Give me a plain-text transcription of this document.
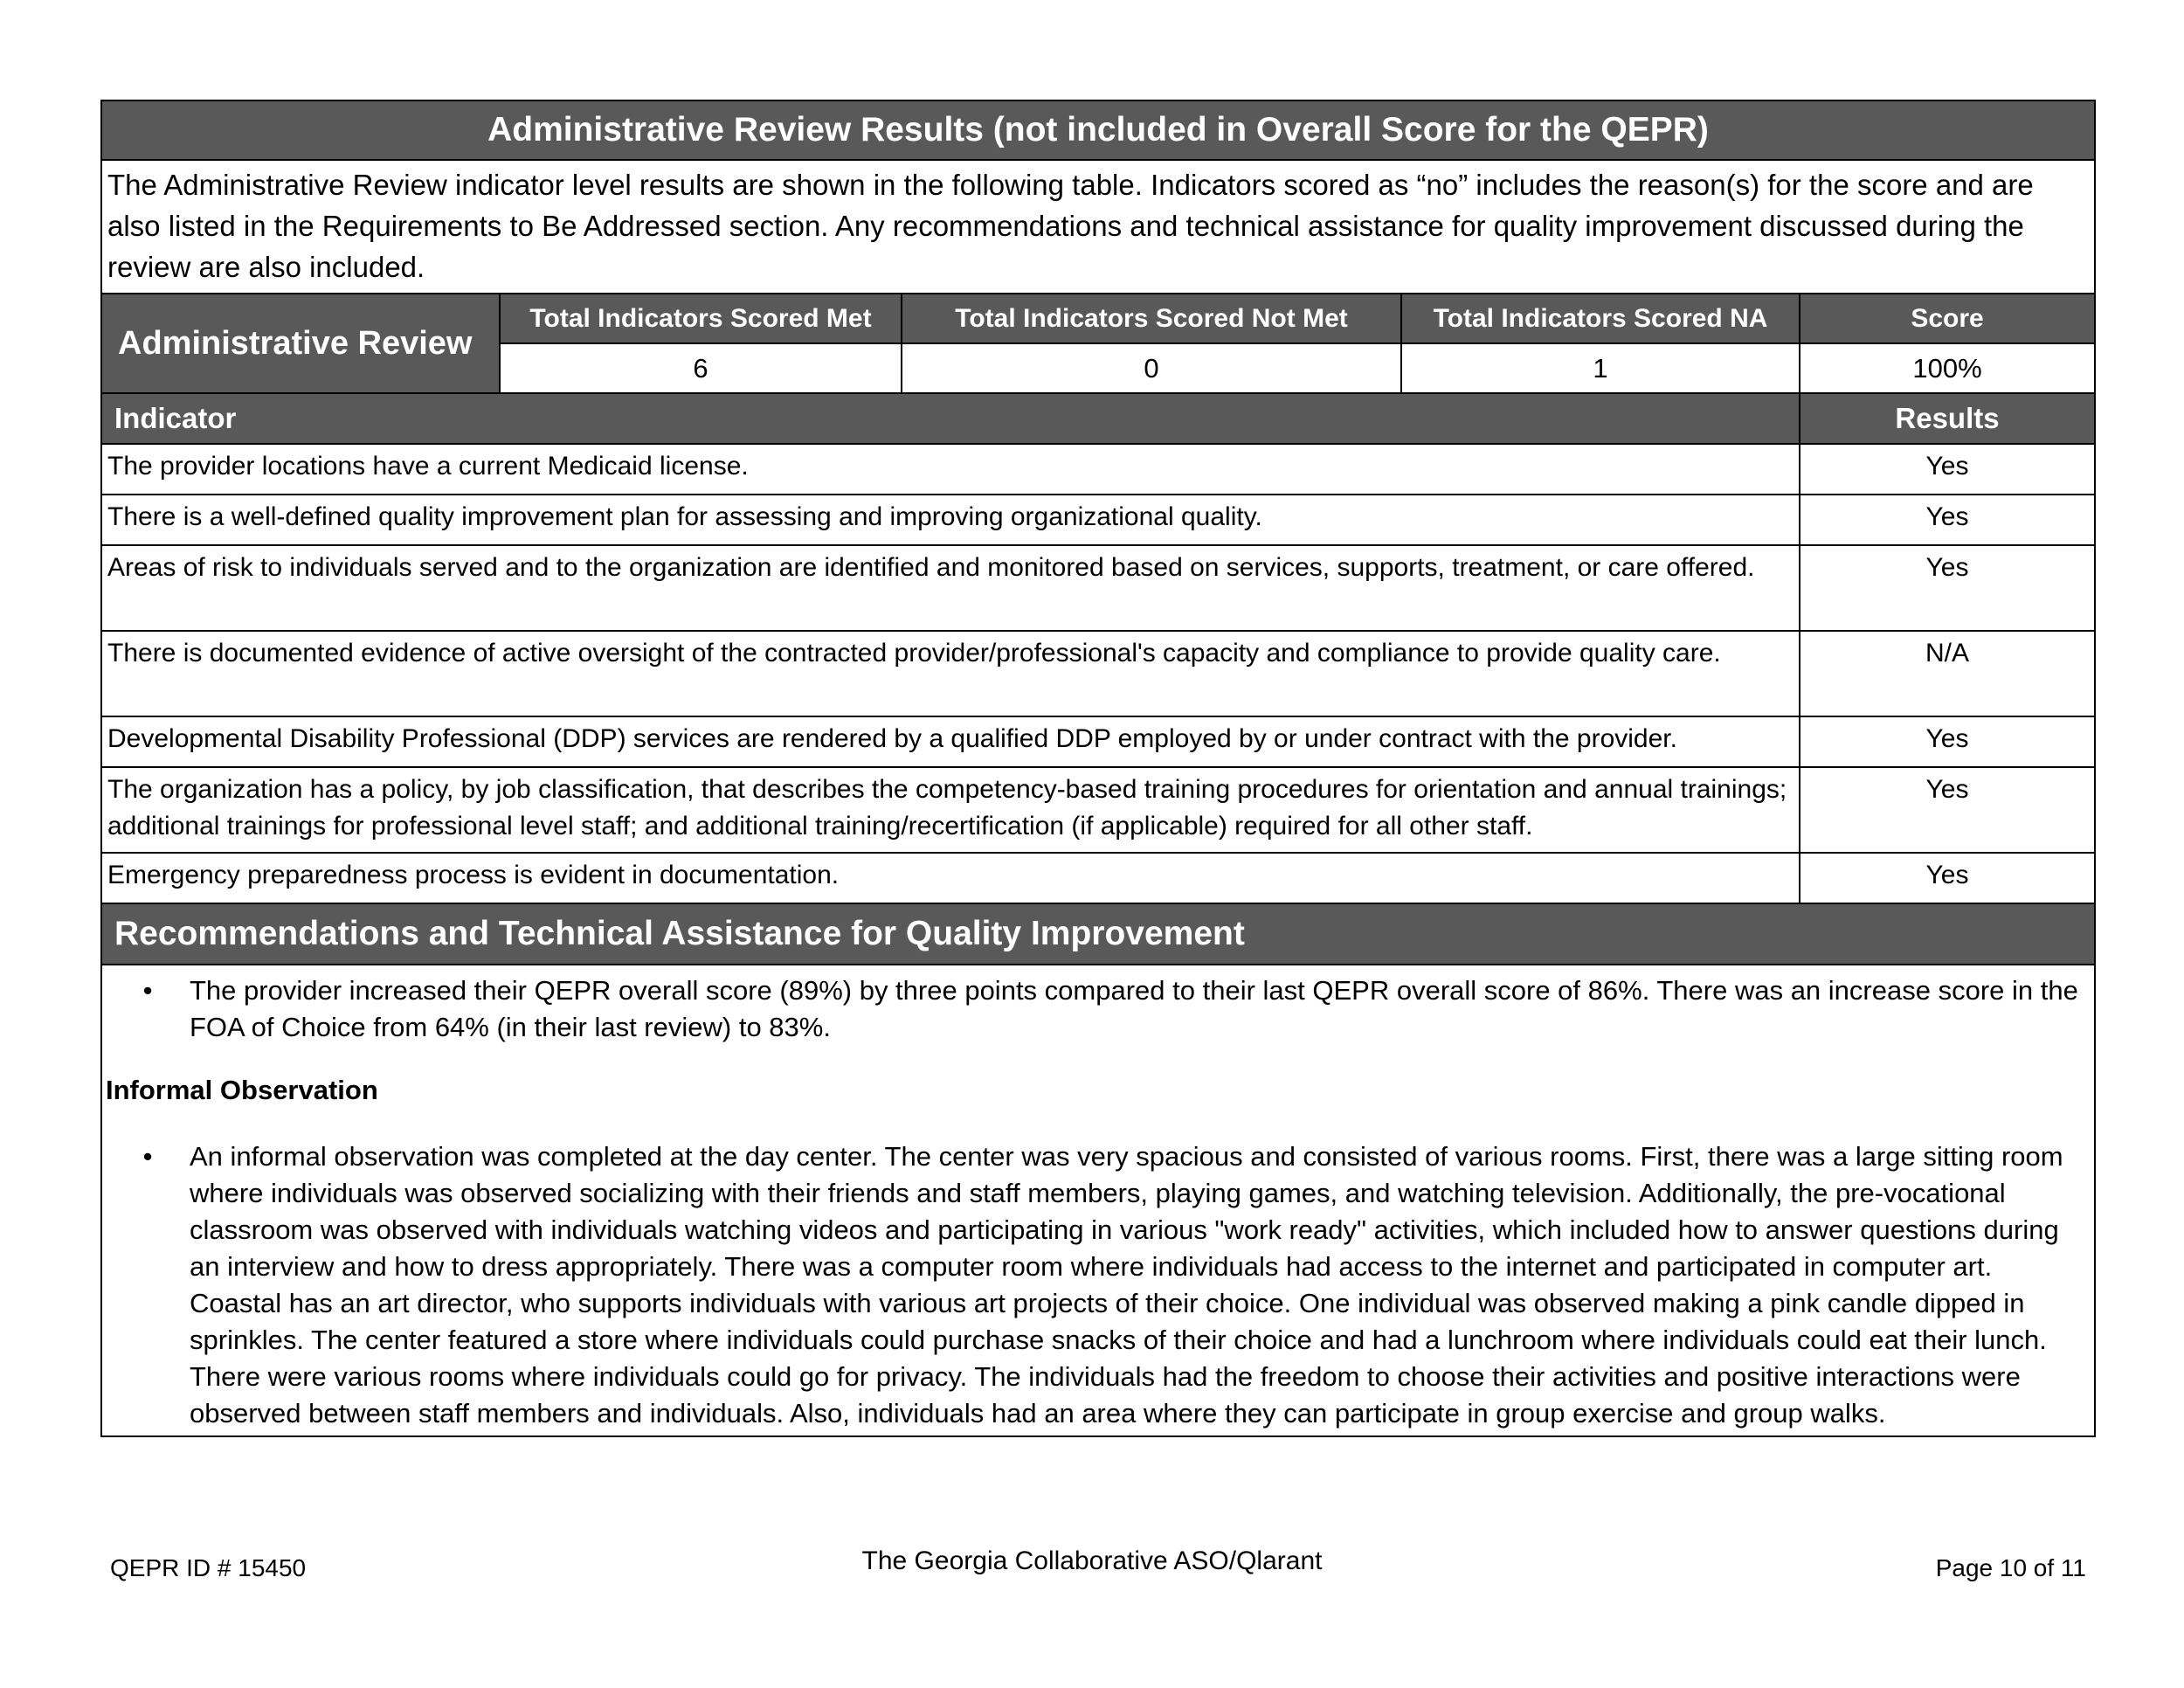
Administrative Review Results (not included in Overall Score for the QEPR)				
The Administrative Review indicator level results are shown in the following table. Indicators scored as “no” includes the reason(s) for the score and are also listed in the Requirements to Be Addressed section. Any recommendations and technical assistance for quality improvement discussed during the review are also included.				
Administrative Review	Total Indicators Scored Met	Total Indicators Scored Not Met	Total Indicators Scored NA	Score
	6	0	1	100%
Indicator				Results
The provider locations have a current Medicaid license.				Yes
There is a well-defined quality improvement plan for assessing and improving organizational quality.				Yes
Areas of risk to individuals served and to the organization are identified and monitored based on services, supports, treatment, or care offered.				Yes
There is documented evidence of active oversight of the contracted provider/professional's capacity and compliance to provide quality care.				N/A
Developmental Disability Professional (DDP) services are rendered by a qualified DDP employed by or under contract with the provider.				Yes
The organization has a policy, by job classification, that describes the competency-based training procedures for orientation and annual trainings; additional trainings for professional level staff; and additional training/recertification (if applicable) required for all other staff.				Yes
Emergency preparedness process is evident in documentation.				Yes
Recommendations and Technical Assistance for Quality Improvement				

• The provider increased their QEPR overall score (89%) by three points compared to their last QEPR overall score of 86%. There was an increase score in the FOA of Choice from 64% (in their last review) to 83%.
Informal Observation
• An informal observation was completed at the day center. The center was very spacious and consisted of various rooms. First, there was a large sitting room where individuals was observed socializing with their friends and staff members, playing games, and watching television. Additionally, the pre-vocational classroom was observed with individuals watching videos and participating in various "work ready" activities, which included how to answer questions during an interview and how to dress appropriately. There was a computer room where individuals had access to the internet and participated in computer art. Coastal has an art director, who supports individuals with various art projects of their choice. One individual was observed making a pink candle dipped in sprinkles. The center featured a store where individuals could purchase snacks of their choice and had a lunchroom where individuals could eat their lunch. There were various rooms where individuals could go for privacy. The individuals had the freedom to choose their activities and positive interactions were observed between staff members and individuals. Also, individuals had an area where they can participate in group exercise and group walks.				
QEPR ID # 15450	The Georgia Collaborative ASO/Qlarant	Page 10 of 11
